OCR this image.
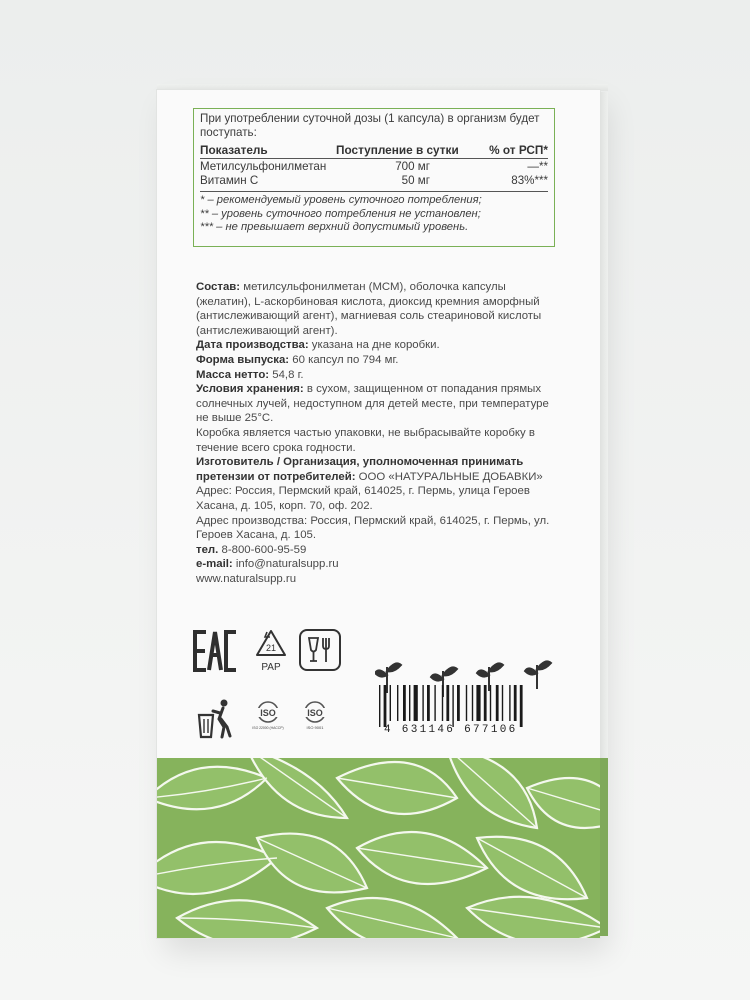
При употреблении суточной дозы (1 капсула) в организм будет поступать:
Показатель	Поступление в сутки	% от РСП*
Метилсульфонилметан	700 мг	—**
Витамин С	50 мг	83%***
* – рекомендуемый уровень суточного потребления;
** – уровень суточного потребления не установлен;
*** – не превышает верхний допустимый уровень.

Состав: метилсульфонилметан (МСМ), оболочка капсулы (желатин), L-аскорбиновая кислота, диоксид кремния аморфный (антислеживающий агент), магниевая соль стеариновой кислоты (антислеживающий агент).

Дата производства: указана на дне коробки.

Форма выпуска: 60 капсул по 794 мг.

Масса нетто: 54,8 г.

Условия хранения: в сухом, защищенном от попадания прямых солнечных лучей, недоступном для детей месте, при температуре не выше 25°С.

Коробка является частью упаковки, не выбрасывайте коробку в течение всего срока годности.

Изготовитель / Организация, уполномоченная принимать претензии от потребителей: ООО «НАТУРАЛЬНЫЕ ДОБАВКИ»

Адрес: Россия, Пермский край, 614025, г. Пермь, улица Героев Хасана, д. 105, корп. 70, оф. 202.

Адрес производства: Россия, Пермский край, 614025, г. Пермь, ул. Героев Хасана, д. 105.

тел. 8-800-600-95-59

e-mail: info@naturalsupp.ru

www.naturalsupp.ru

21
PAP
ISO
ISO 22000 (HACCP)
ISO
ISO 9001	4 631146 677106
